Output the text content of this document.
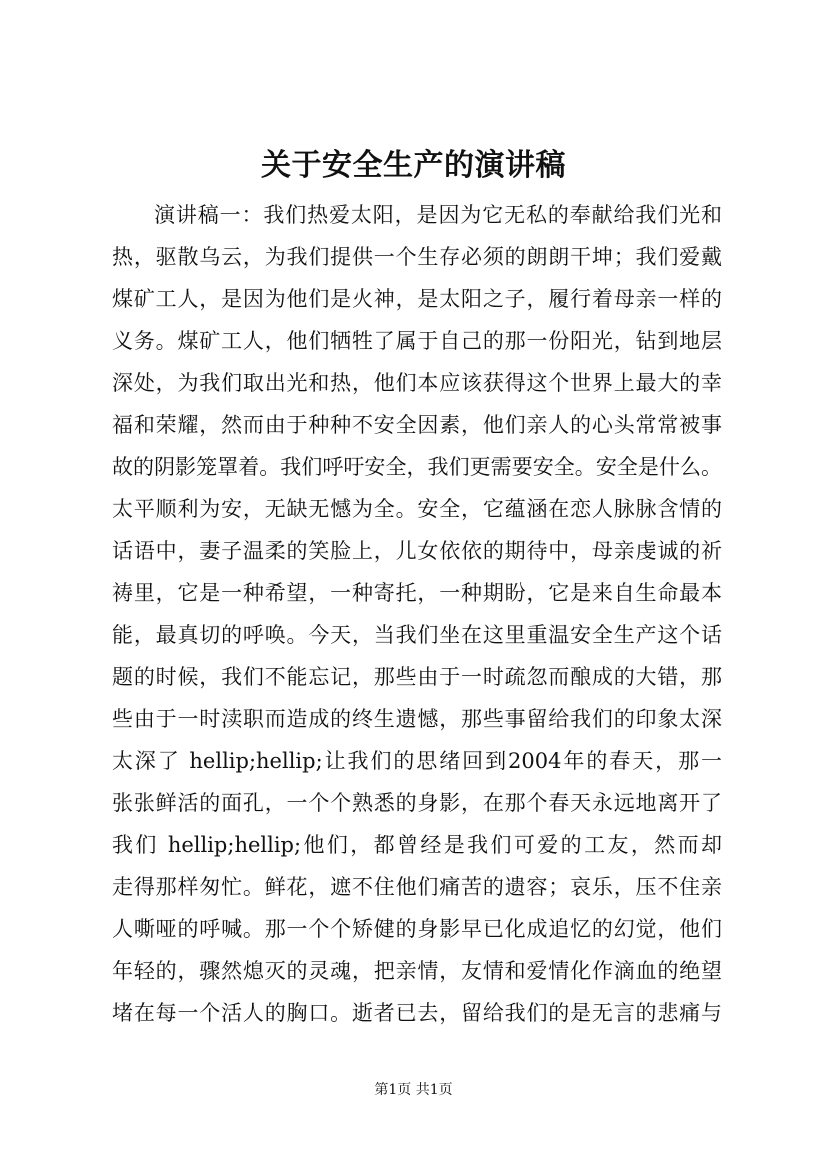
关于安全生产的演讲稿
演讲稿一：我们热爱太阳，是因为它无私的奉献给我们光和
热，驱散乌云，为我们提供一个生存必须的朗朗干坤；我们爱戴
煤矿工人，是因为他们是火神，是太阳之子，履行着母亲一样的
义务。煤矿工人，他们牺牲了属于自己的那一份阳光，钻到地层
深处，为我们取出光和热，他们本应该获得这个世界上最大的幸
福和荣耀，然而由于种种不安全因素，他们亲人的心头常常被事
故的阴影笼罩着。我们呼吁安全，我们更需要安全。安全是什么。
太平顺利为安，无缺无憾为全。安全，它蕴涵在恋人脉脉含情的
话语中，妻子温柔的笑脸上，儿女依依的期待中，母亲虔诚的祈
祷里，它是一种希望，一种寄托，一种期盼，它是来自生命最本
能，最真切的呼唤。今天，当我们坐在这里重温安全生产这个话
题的时候，我们不能忘记，那些由于一时疏忽而酿成的大错，那
些由于一时渎职而造成的终生遗憾，那些事留给我们的印象太深
太深了 hellip;hellip;让我们的思绪回到2004年的春天，那一
张张鲜活的面孔，一个个熟悉的身影，在那个春天永远地离开了
我们 hellip;hellip;他们，都曾经是我们可爱的工友，然而却
走得那样匆忙。鲜花，遮不住他们痛苦的遗容；哀乐，压不住亲
人嘶哑的呼喊。那一个个矫健的身影早已化成追忆的幻觉，他们
年轻的，骤然熄灭的灵魂，把亲情，友情和爱情化作滴血的绝望
堵在每一个活人的胸口。逝者已去，留给我们的是无言的悲痛与
第1页 共1页
